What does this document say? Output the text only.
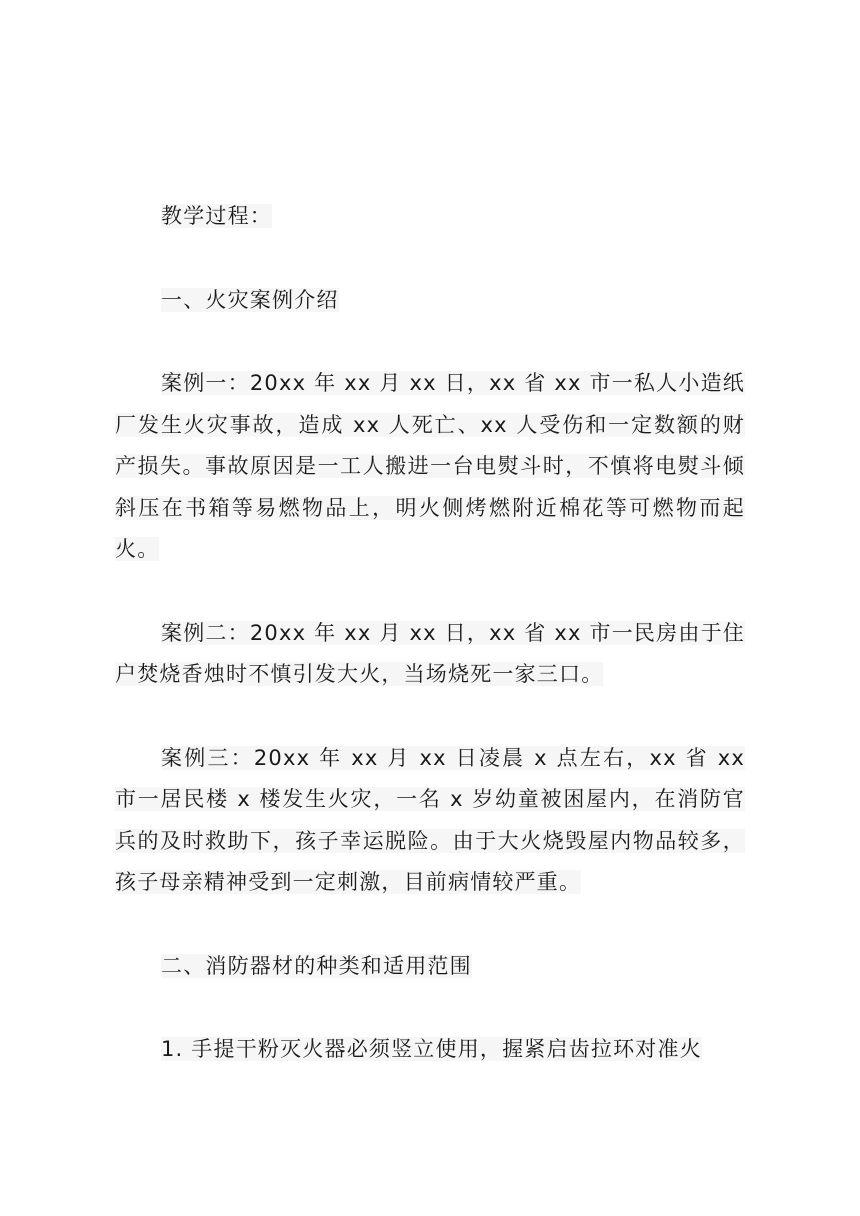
教学过程：

一、火灾案例介绍

案例一：20xx 年 xx 月 xx 日，xx 省 xx 市一私人小造纸厂发生火灾事故，造成 xx 人死亡、xx 人受伤和一定数额的财产损失。事故原因是一工人搬进一台电熨斗时，不慎将电熨斗倾斜压在书箱等易燃物品上，明火侧烤燃附近棉花等可燃物而起火。

案例二：20xx 年 xx 月 xx 日，xx 省 xx 市一民房由于住户焚烧香烛时不慎引发大火，当场烧死一家三口。

案例三：20xx 年 xx 月 xx 日凌晨 x 点左右，xx 省 xx 市一居民楼 x 楼发生火灾，一名 x 岁幼童被困屋内，在消防官兵的及时救助下，孩子幸运脱险。由于大火烧毁屋内物品较多，孩子母亲精神受到一定刺激，目前病情较严重。

二、消防器材的种类和适用范围

1. 手提干粉灭火器必须竖立使用，握紧启齿拉环对准火
